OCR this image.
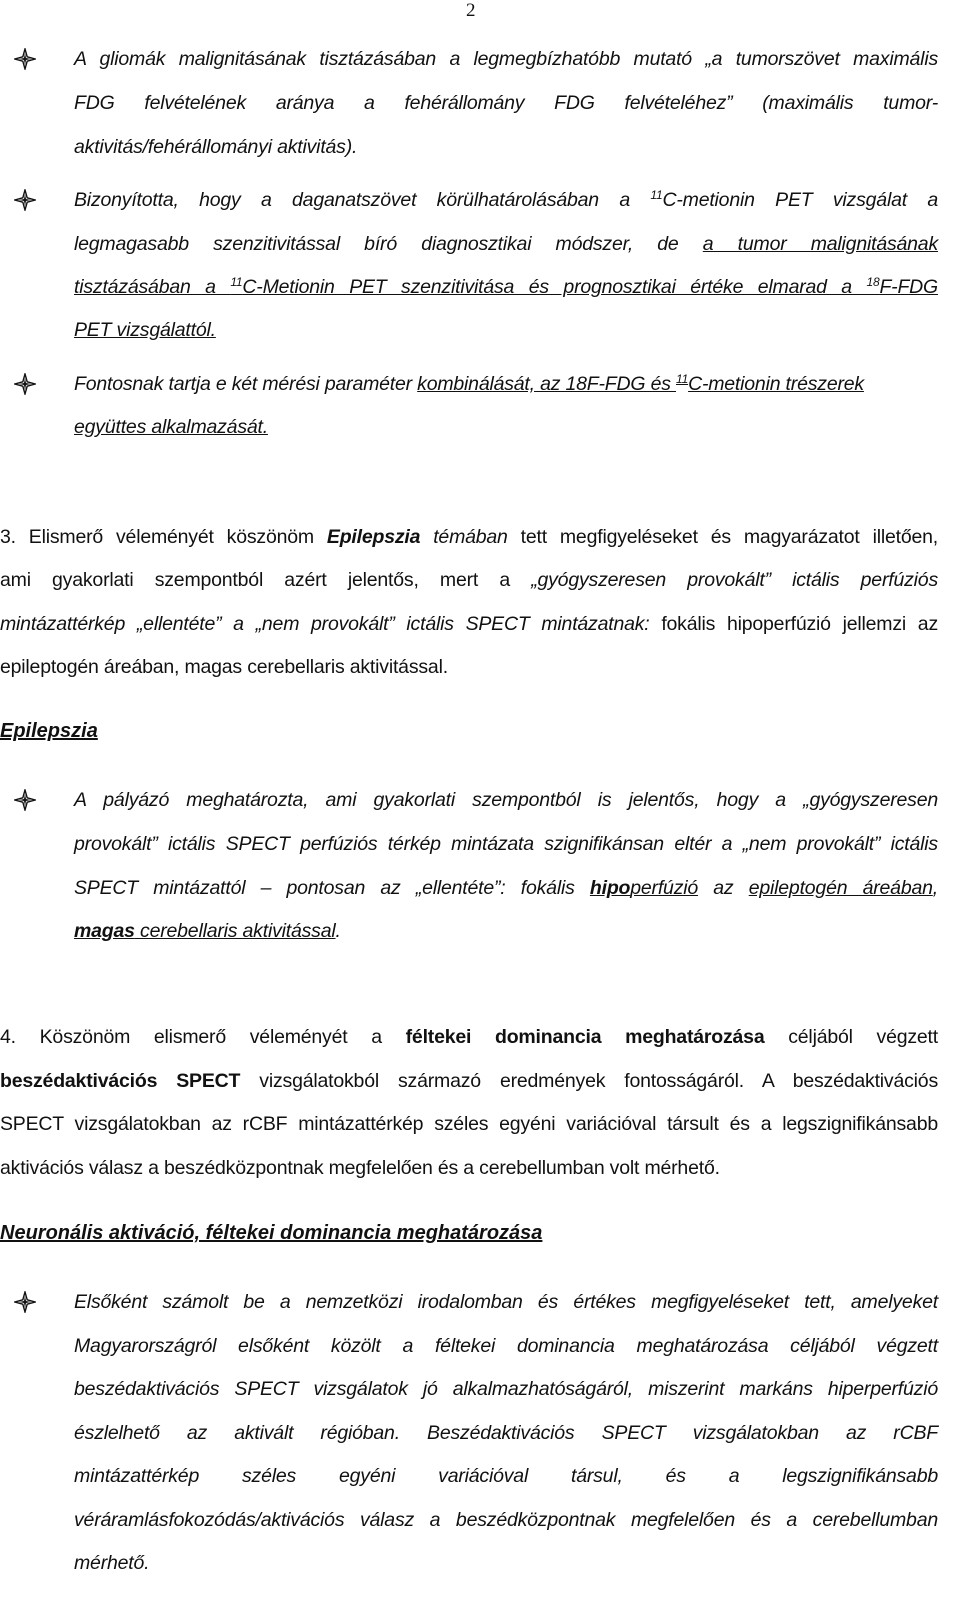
2
A gliomák malignitásának tisztázásában a legmegbízhatóbb mutató „a tumorszövet maximális
FDG felvételének aránya a fehérállomány FDG felvételéhez” (maximális tumor-
aktivitás/fehérállományi aktivitás).
Bizonyította, hogy a daganatszövet körülhatárolásában a $^{11}$C-metionin PET vizsgálat a
legmagasabb szenzitivitással bíró diagnosztikai módszer, de a tumor malignitásának
tisztázásában a $^{11}$C-Metionin PET szenzitivitása és prognosztikai értéke elmarad a $^{18}$F-FDG
PET vizsgálattól.
Fontosnak tartja e két mérési paraméter kombinálását, az 18F-FDG és $^{11}$C-metionin trészerek
együttes alkalmazását.
3. Elismerő véleményét köszönöm Epilepszia témában tett megfigyeléseket és magyarázatot illetően,
ami gyakorlati szempontból azért jelentős, mert a „gyógyszeresen provokált” ictális perfúziós
mintázattérkép „ellentéte” a „nem provokált” ictális SPECT mintázatnak: fokális hipoperfúzió jellemzi az
epileptogén áreában, magas cerebellaris aktivitással.
Epilepszia
A pályázó meghatározta, ami gyakorlati szempontból is jelentős, hogy a „gyógyszeresen
provokált” ictális SPECT perfúziós térkép mintázata szignifikánsan eltér a „nem provokált” ictális
SPECT mintázattól – pontosan az „ellentéte”: fokális hipoperfúzió az epileptogén áreában,
magas cerebellaris aktivitással.
4. Köszönöm elismerő véleményét a féltekei dominancia meghatározása céljából végzett
beszédaktivációs SPECT vizsgálatokból származó eredmények fontosságáról. A beszédaktivációs
SPECT vizsgálatokban az rCBF mintázattérkép széles egyéni variációval társult és a legszignifikánsabb
aktivációs válasz a beszédközpontnak megfelelően és a cerebellumban volt mérhető.
Neuronális aktiváció, féltekei dominancia meghatározása
Elsőként számolt be a nemzetközi irodalomban és értékes megfigyeléseket tett, amelyeket
Magyarországról elsőként közölt a féltekei dominancia meghatározása céljából végzett
beszédaktivációs SPECT vizsgálatok jó alkalmazhatóságáról, miszerint markáns hiperperfúzió
észlelhető az aktivált régióban. Beszédaktivációs SPECT vizsgálatokban az rCBF
mintázattérkép széles egyéni variációval társul, és a legszignifikánsabb
véráramlásfokozódás/aktivációs válasz a beszédközpontnak megfelelően és a cerebellumban
mérhető.
